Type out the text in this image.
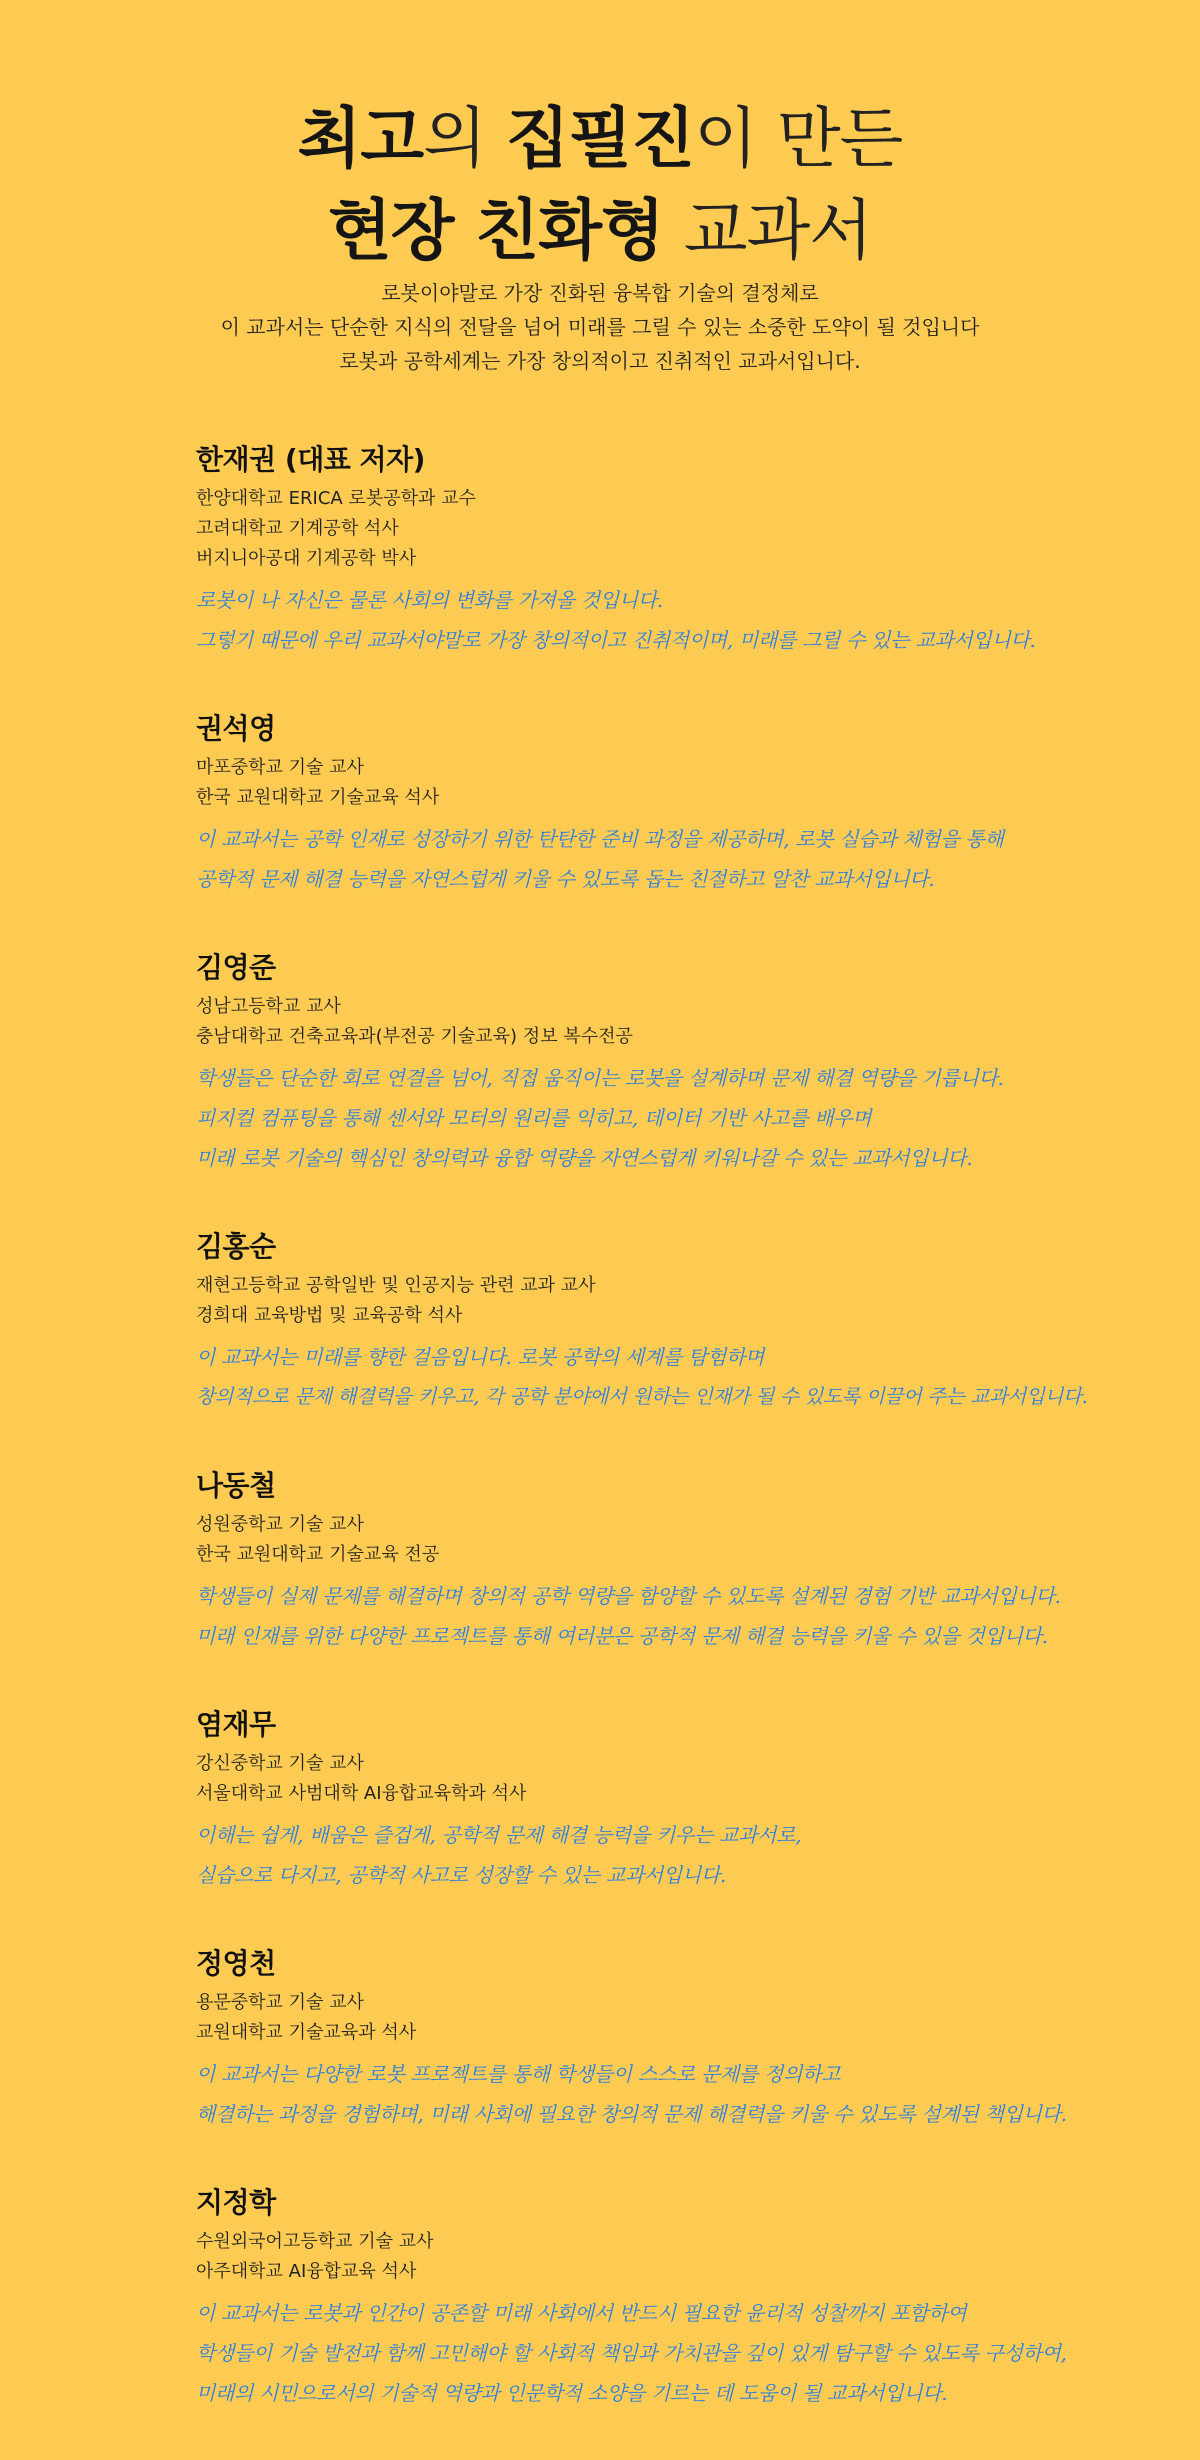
최고의 집필진이 만든
현장 친화형 교과서

로봇이야말로 가장 진화된 융복합 기술의 결정체로

이 교과서는 단순한 지식의 전달을 넘어 미래를 그릴 수 있는 소중한 도약이 될 것입니다

로봇과 공학세계는 가장 창의적이고 진취적인 교과서입니다.

한재권 (대표 저자)
한양대학교 ERICA 로봇공학과 교수
고려대학교 기계공학 석사
버지니아공대 기계공학 박사
로봇이 나 자신은 물론 사회의 변화를 가져올 것입니다.
그렇기 때문에 우리 교과서야말로 가장 창의적이고 진취적이며, 미래를 그릴 수 있는 교과서입니다.
권석영
마포중학교 기술 교사
한국 교원대학교 기술교육 석사
이 교과서는 공학 인재로 성장하기 위한 탄탄한 준비 과정을 제공하며, 로봇 실습과 체험을 통해
공학적 문제 해결 능력을 자연스럽게 키울 수 있도록 돕는 친절하고 알찬 교과서입니다.
김영준
성남고등학교 교사
충남대학교 건축교육과(부전공 기술교육) 정보 복수전공
학생들은 단순한 회로 연결을 넘어, 직접 움직이는 로봇을 설계하며 문제 해결 역량을 기릅니다.
피지컬 컴퓨팅을 통해 센서와 모터의 원리를 익히고, 데이터 기반 사고를 배우며
미래 로봇 기술의 핵심인 창의력과 융합 역량을 자연스럽게 키워나갈 수 있는 교과서입니다.
김홍순
재현고등학교 공학일반 및 인공지능 관련 교과 교사
경희대 교육방법 및 교육공학 석사
이 교과서는 미래를 향한 걸음입니다. 로봇 공학의 세계를 탐험하며
창의적으로 문제 해결력을 키우고, 각 공학 분야에서 원하는 인재가 될 수 있도록 이끌어 주는 교과서입니다.
나동철
성원중학교 기술 교사
한국 교원대학교 기술교육 전공
학생들이 실제 문제를 해결하며 창의적 공학 역량을 함양할 수 있도록 설계된 경험 기반 교과서입니다.
미래 인재를 위한 다양한 프로젝트를 통해 여러분은 공학적 문제 해결 능력을 키울 수 있을 것입니다.
염재무
강신중학교 기술 교사
서울대학교 사범대학 AI융합교육학과 석사
이해는 쉽게, 배움은 즐겁게, 공학적 문제 해결 능력을 키우는 교과서로,
실습으로 다지고, 공학적 사고로 성장할 수 있는 교과서입니다.
정영천
용문중학교 기술 교사
교원대학교 기술교육과 석사
이 교과서는 다양한 로봇 프로젝트를 통해 학생들이 스스로 문제를 정의하고
해결하는 과정을 경험하며, 미래 사회에 필요한 창의적 문제 해결력을 키울 수 있도록 설계된 책입니다.
지정학
수원외국어고등학교 기술 교사
아주대학교 AI융합교육 석사
이 교과서는 로봇과 인간이 공존할 미래 사회에서 반드시 필요한 윤리적 성찰까지 포함하여
학생들이 기술 발전과 함께 고민해야 할 사회적 책임과 가치관을 깊이 있게 탐구할 수 있도록 구성하여,
미래의 시민으로서의 기술적 역량과 인문학적 소양을 기르는 데 도움이 될 교과서입니다.
